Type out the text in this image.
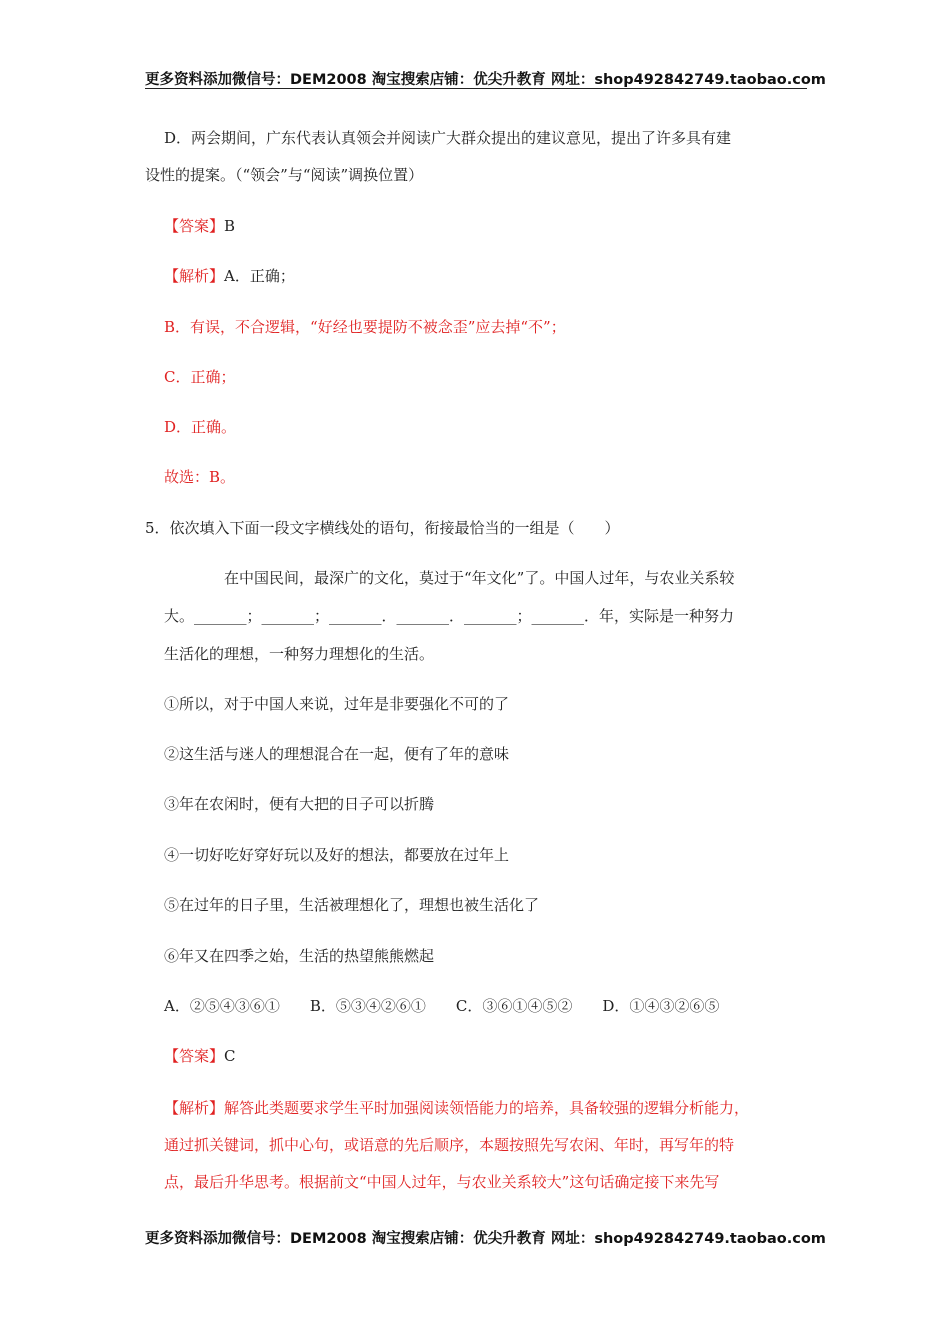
更多资料添加微信号：DEM2008 淘宝搜索店铺：优尖升教育 网址：shop492842749.taobao.com
D．两会期间，广东代表认真领会并阅读广大群众提出的建议意见，提出了许多具有建
设性的提案。（“领会”与“阅读”调换位置）
【答案】B
【解析】A．正确；
B．有误，不合逻辑，“好经也要提防不被念歪”应去掉“不”；
C．正确；
D．正确。
故选：B。
5．依次填入下面一段文字横线处的语句，衔接最恰当的一组是（　　）
在中国民间，最深广的文化，莫过于“年文化”了。中国人过年，与农业关系较
大。_______；_______；_______．_______．_______；_______．年，实际是一种努力
生活化的理想，一种努力理想化的生活。
①所以，对于中国人来说，过年是非要强化不可的了
②这生活与迷人的理想混合在一起，便有了年的意味
③年在农闲时，便有大把的日子可以折腾
④一切好吃好穿好玩以及好的想法，都要放在过年上
⑤在过年的日子里，生活被理想化了，理想也被生活化了
⑥年又在四季之始，生活的热望熊熊燃起
A．②⑤④③⑥① B．⑤③④②⑥① C．③⑥①④⑤② D．①④③②⑥⑤
【答案】C
【解析】解答此类题要求学生平时加强阅读领悟能力的培养，具备较强的逻辑分析能力，
通过抓关键词，抓中心句，或语意的先后顺序，本题按照先写农闲、年时，再写年的特
点，最后升华思考。根据前文“中国人过年，与农业关系较大”这句话确定接下来先写
更多资料添加微信号：DEM2008 淘宝搜索店铺：优尖升教育 网址：shop492842749.taobao.com
